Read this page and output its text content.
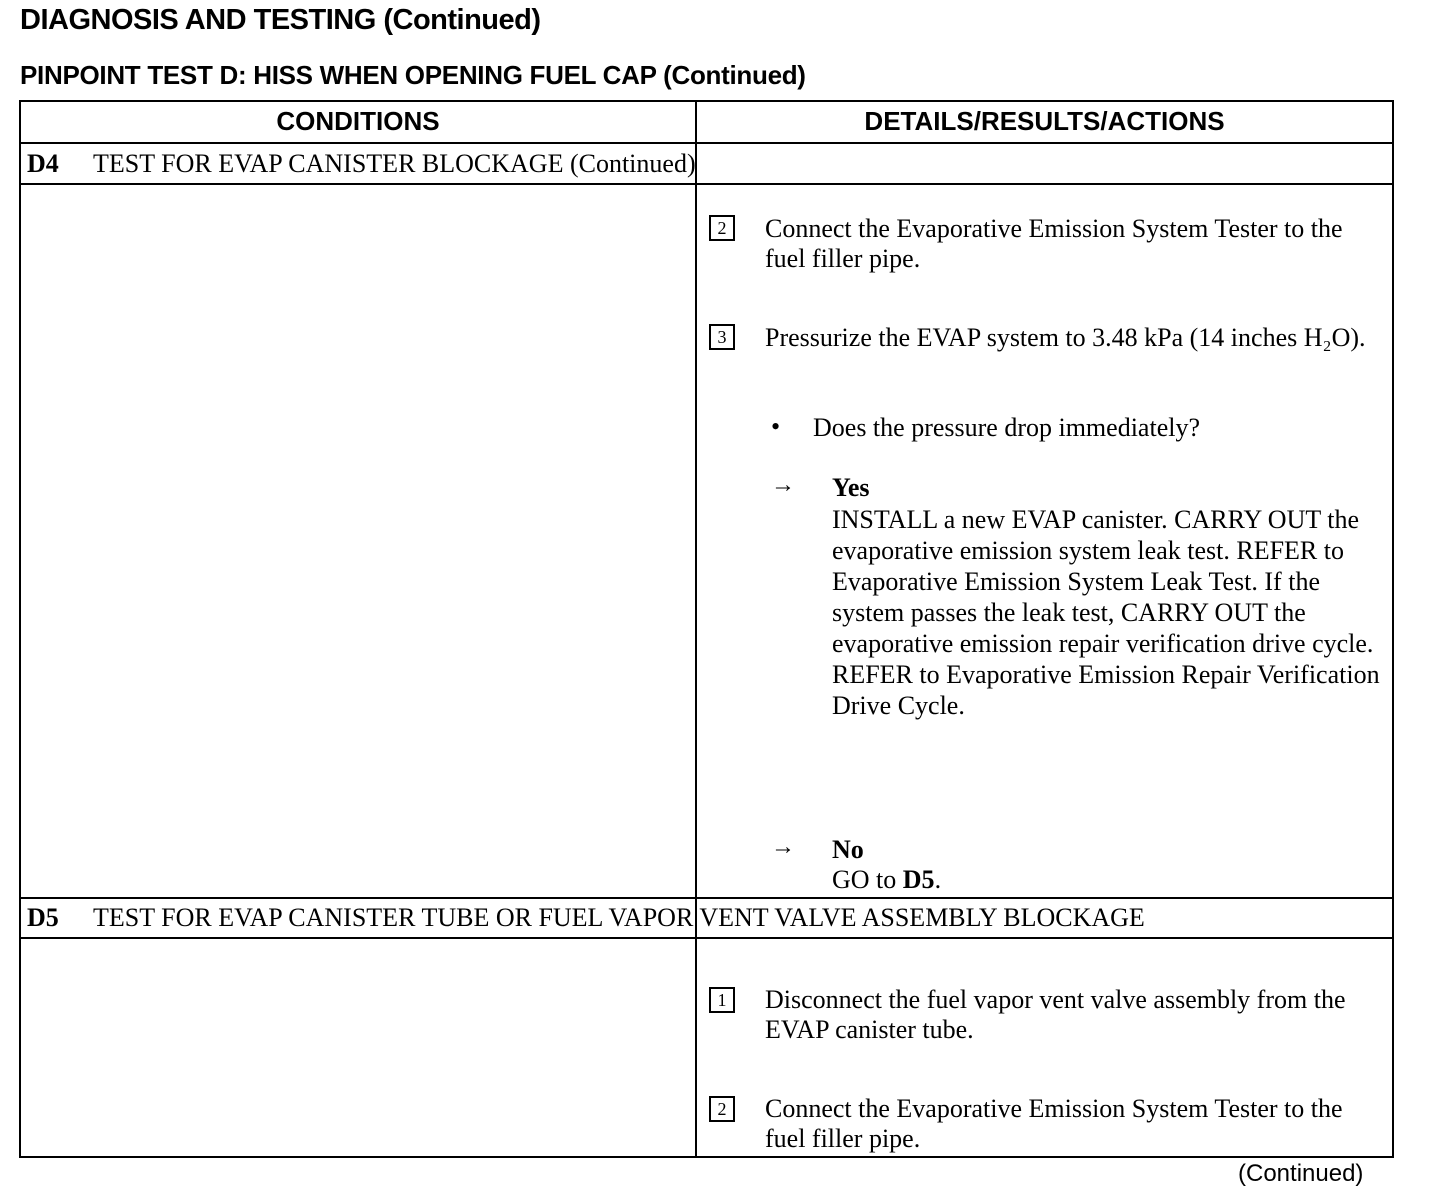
DIAGNOSIS AND TESTING (Continued)
PINPOINT TEST D: HISS WHEN OPENING FUEL CAP (Continued)
CONDITIONS	DETAILS/RESULTS/ACTIONS
D4 TEST FOR EVAP CANISTER BLOCKAGE (Continued)
2	Connect the Evaporative Emission System Tester to the fuel filler pipe.
3	Pressurize the EVAP system to 3.48 kPa (14 inches H₂O).
• Does the pressure drop immediately?
→ Yes
INSTALL a new EVAP canister. CARRY OUT the evaporative emission system leak test. REFER to Evaporative Emission System Leak Test. If the system passes the leak test, CARRY OUT the evaporative emission repair verification drive cycle. REFER to Evaporative Emission Repair Verification Drive Cycle.
→ No
GO to D5.
D5 TEST FOR EVAP CANISTER TUBE OR FUEL VAPOR VENT VALVE ASSEMBLY BLOCKAGE
1	Disconnect the fuel vapor vent valve assembly from the EVAP canister tube.
2	Connect the Evaporative Emission System Tester to the fuel filler pipe.
(Continued)
